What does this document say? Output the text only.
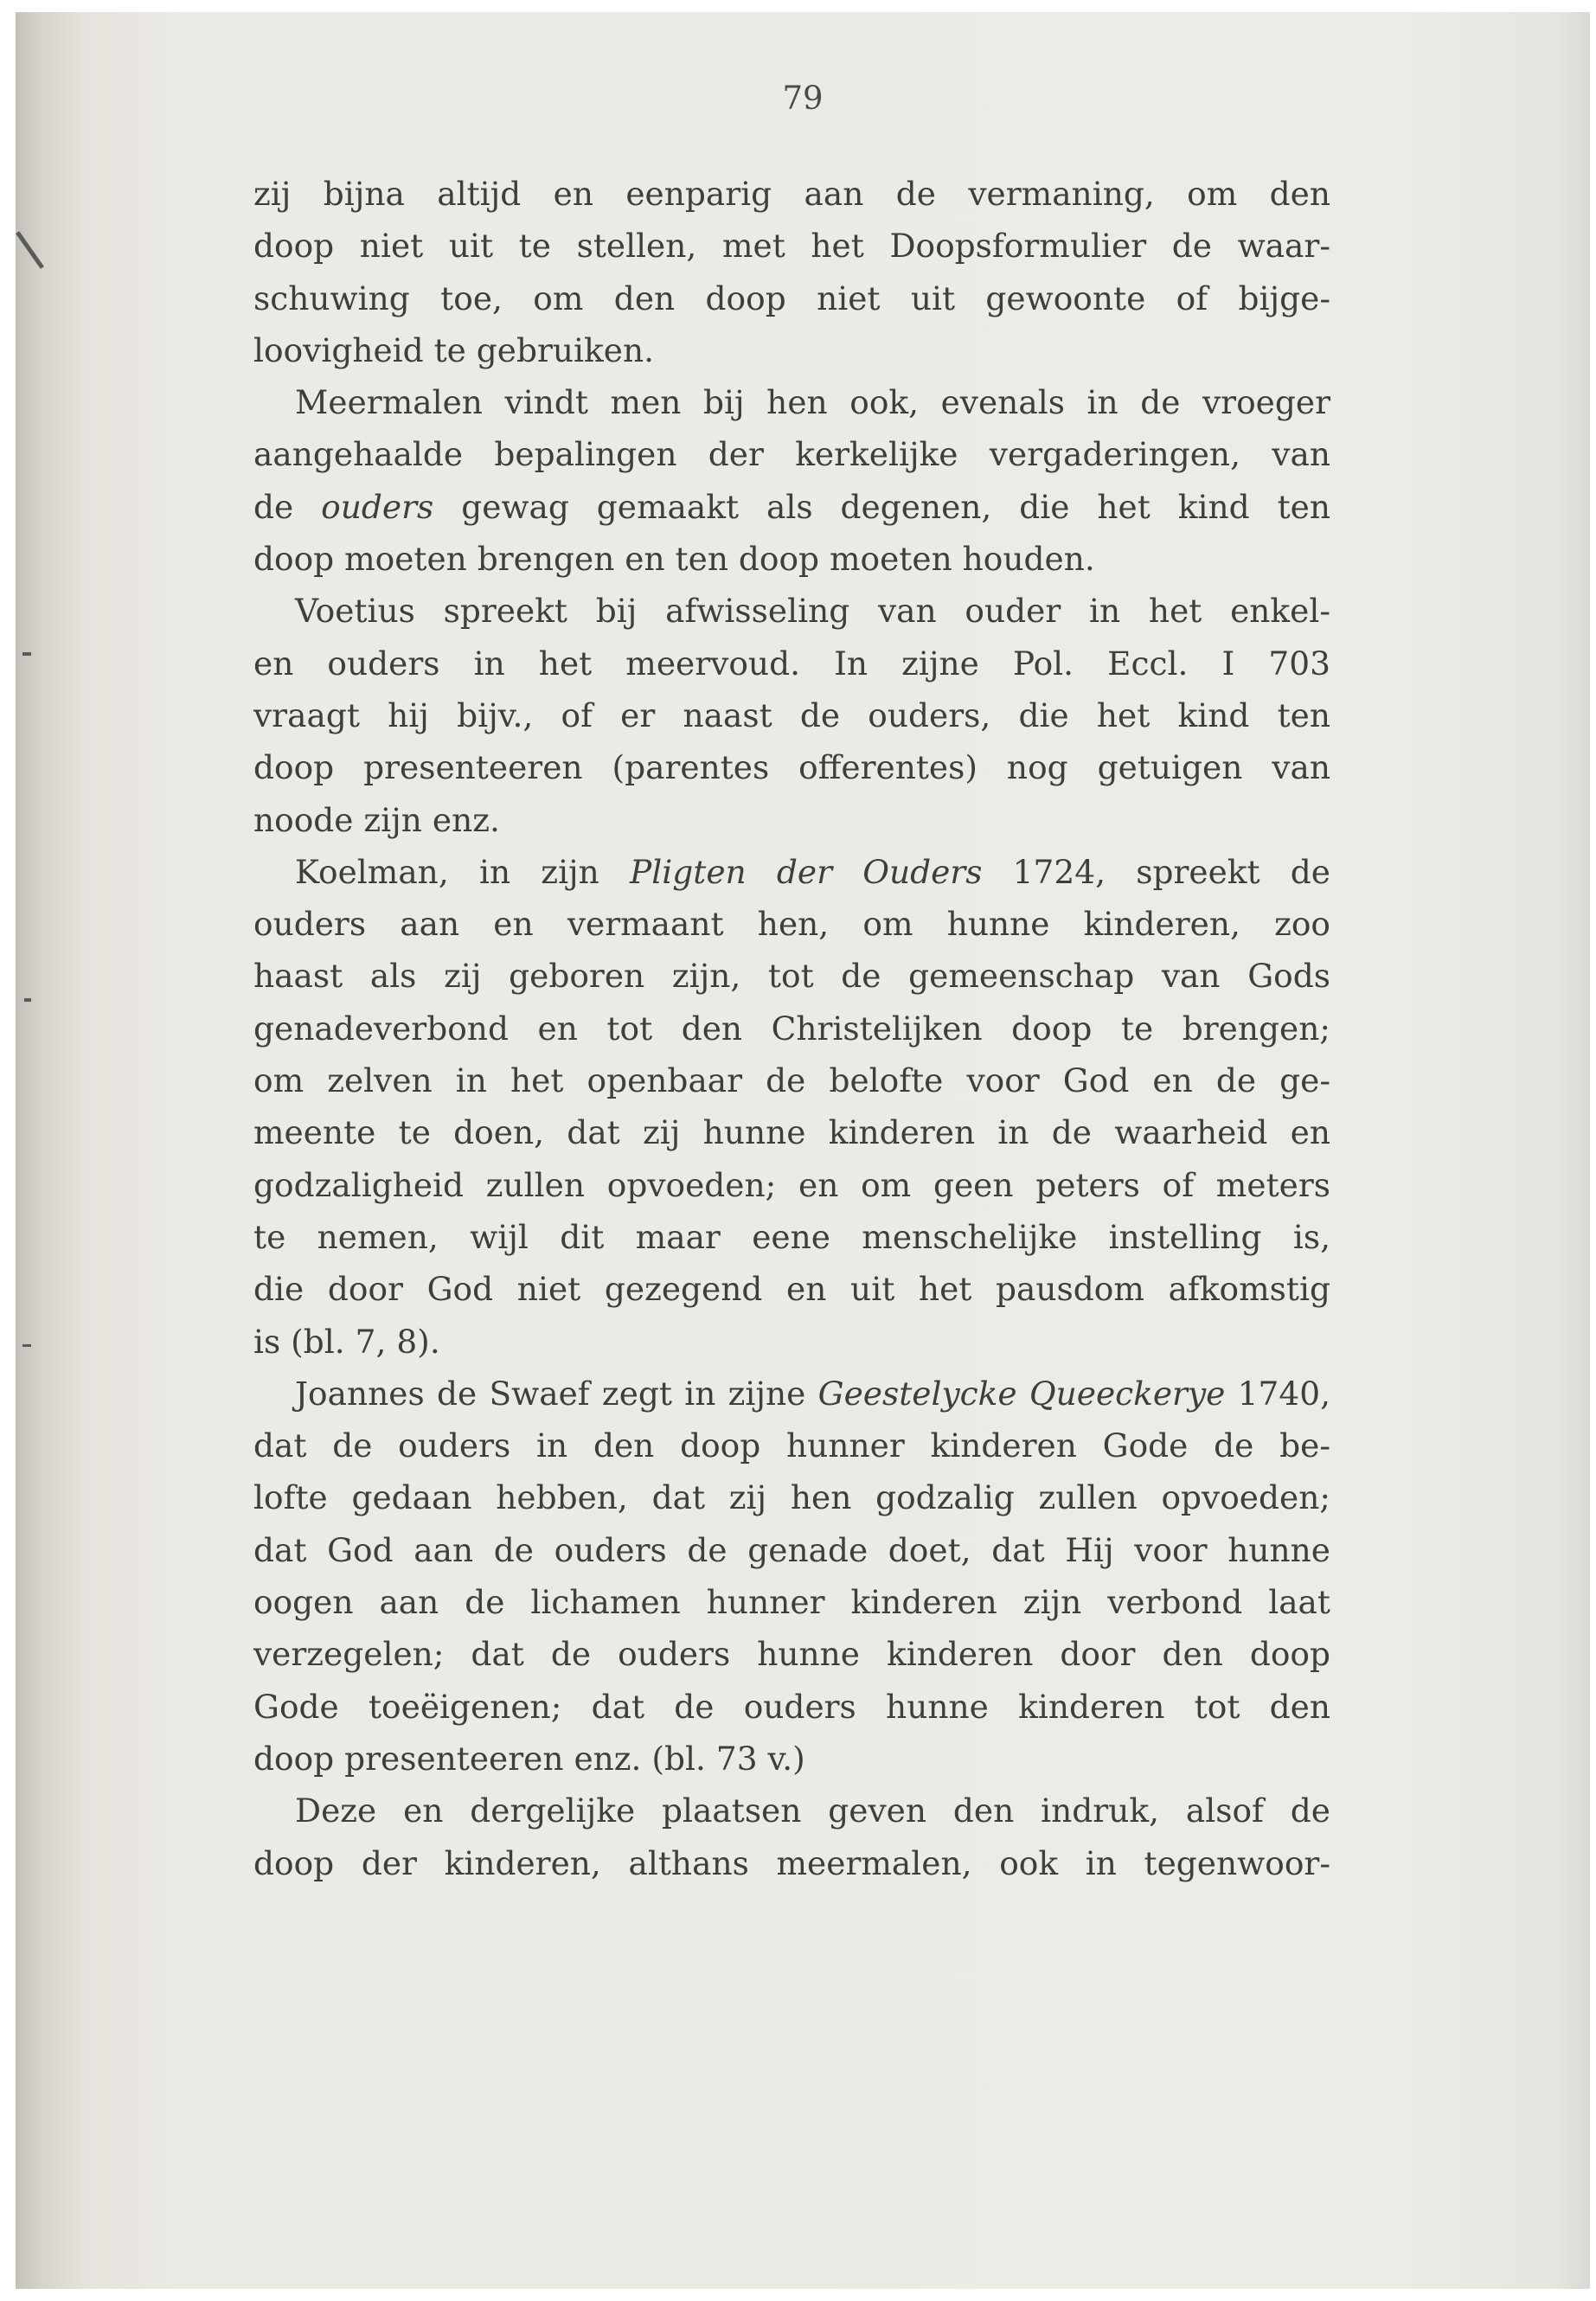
79
zij bijna altijd en eenparig aan de vermaning, om den
doop niet uit te stellen, met het Doopsformulier de waar-
schuwing toe, om den doop niet uit gewoonte of bijge-
loovigheid te gebruiken.
Meermalen vindt men bij hen ook, evenals in de vroeger
aangehaalde bepalingen der kerkelijke vergaderingen, van
de ouders gewag gemaakt als degenen, die het kind ten
doop moeten brengen en ten doop moeten houden.
Voetius spreekt bij afwisseling van ouder in het enkel-
en ouders in het meervoud. In zijne Pol. Eccl. I 703
vraagt hij bijv., of er naast de ouders, die het kind ten
doop presenteeren (parentes offerentes) nog getuigen van
noode zijn enz.
Koelman, in zijn Pligten der Ouders 1724, spreekt de
ouders aan en vermaant hen, om hunne kinderen, zoo
haast als zij geboren zijn, tot de gemeenschap van Gods
genadeverbond en tot den Christelijken doop te brengen;
om zelven in het openbaar de belofte voor God en de ge-
meente te doen, dat zij hunne kinderen in de waarheid en
godzaligheid zullen opvoeden; en om geen peters of meters
te nemen, wijl dit maar eene menschelijke instelling is,
die door God niet gezegend en uit het pausdom afkomstig
is (bl. 7, 8).
Joannes de Swaef zegt in zijne Geestelycke Queeckerye 1740,
dat de ouders in den doop hunner kinderen Gode de be-
lofte gedaan hebben, dat zij hen godzalig zullen opvoeden;
dat God aan de ouders de genade doet, dat Hij voor hunne
oogen aan de lichamen hunner kinderen zijn verbond laat
verzegelen; dat de ouders hunne kinderen door den doop
Gode toeëigenen; dat de ouders hunne kinderen tot den
doop presenteeren enz. (bl. 73 v.)
Deze en dergelijke plaatsen geven den indruk, alsof de
doop der kinderen, althans meermalen, ook in tegenwoor-
